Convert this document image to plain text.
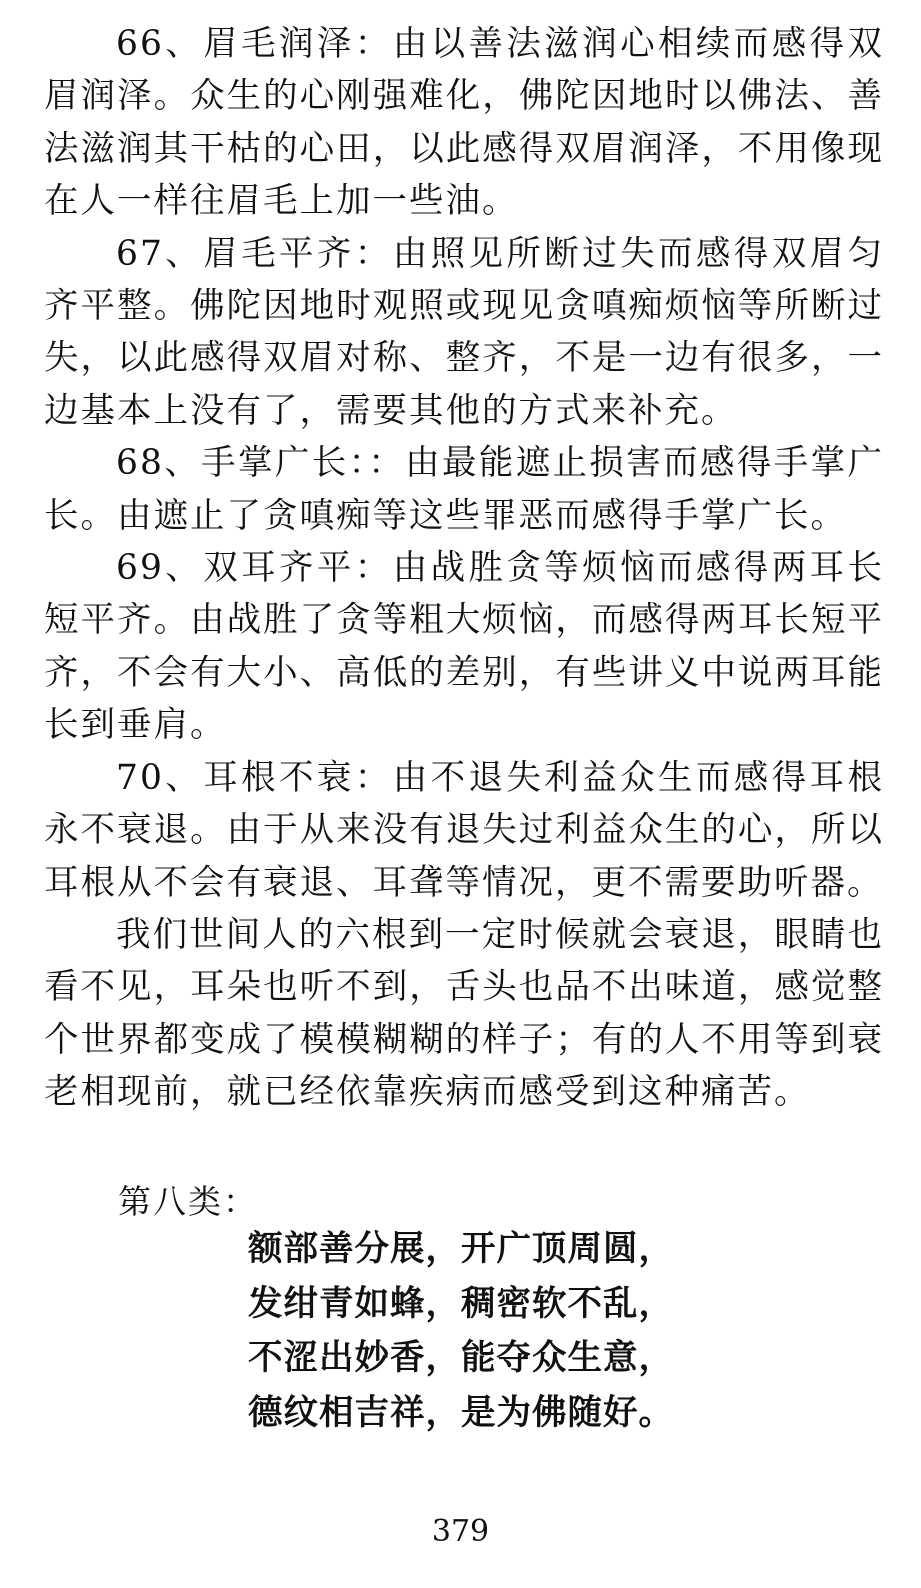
66、眉毛润泽：由以善法滋润心相续而感得双眉润泽。众生的心刚强难化，佛陀因地时以佛法、善法滋润其干枯的心田，以此感得双眉润泽，不用像现在人一样往眉毛上加一些油。

67、眉毛平齐：由照见所断过失而感得双眉匀齐平整。佛陀因地时观照或现见贪嗔痴烦恼等所断过失，以此感得双眉对称、整齐，不是一边有很多，一边基本上没有了，需要其他的方式来补充。

68、手掌广长：：由最能遮止损害而感得手掌广长。由遮止了贪嗔痴等这些罪恶而感得手掌广长。

69、双耳齐平：由战胜贪等烦恼而感得两耳长短平齐。由战胜了贪等粗大烦恼，而感得两耳长短平齐，不会有大小、高低的差别，有些讲义中说两耳能长到垂肩。

70、耳根不衰：由不退失利益众生而感得耳根永不衰退。由于从来没有退失过利益众生的心，所以耳根从不会有衰退、耳聋等情况，更不需要助听器。

我们世间人的六根到一定时候就会衰退，眼睛也看不见，耳朵也听不到，舌头也品不出味道，感觉整个世界都变成了模模糊糊的样子；有的人不用等到衰老相现前，就已经依靠疾病而感受到这种痛苦。

第八类：

额部善分展，开广顶周圆，
发绀青如蜂，稠密软不乱，
不涩出妙香，能夺众生意，
德纹相吉祥，是为佛随好。
379
